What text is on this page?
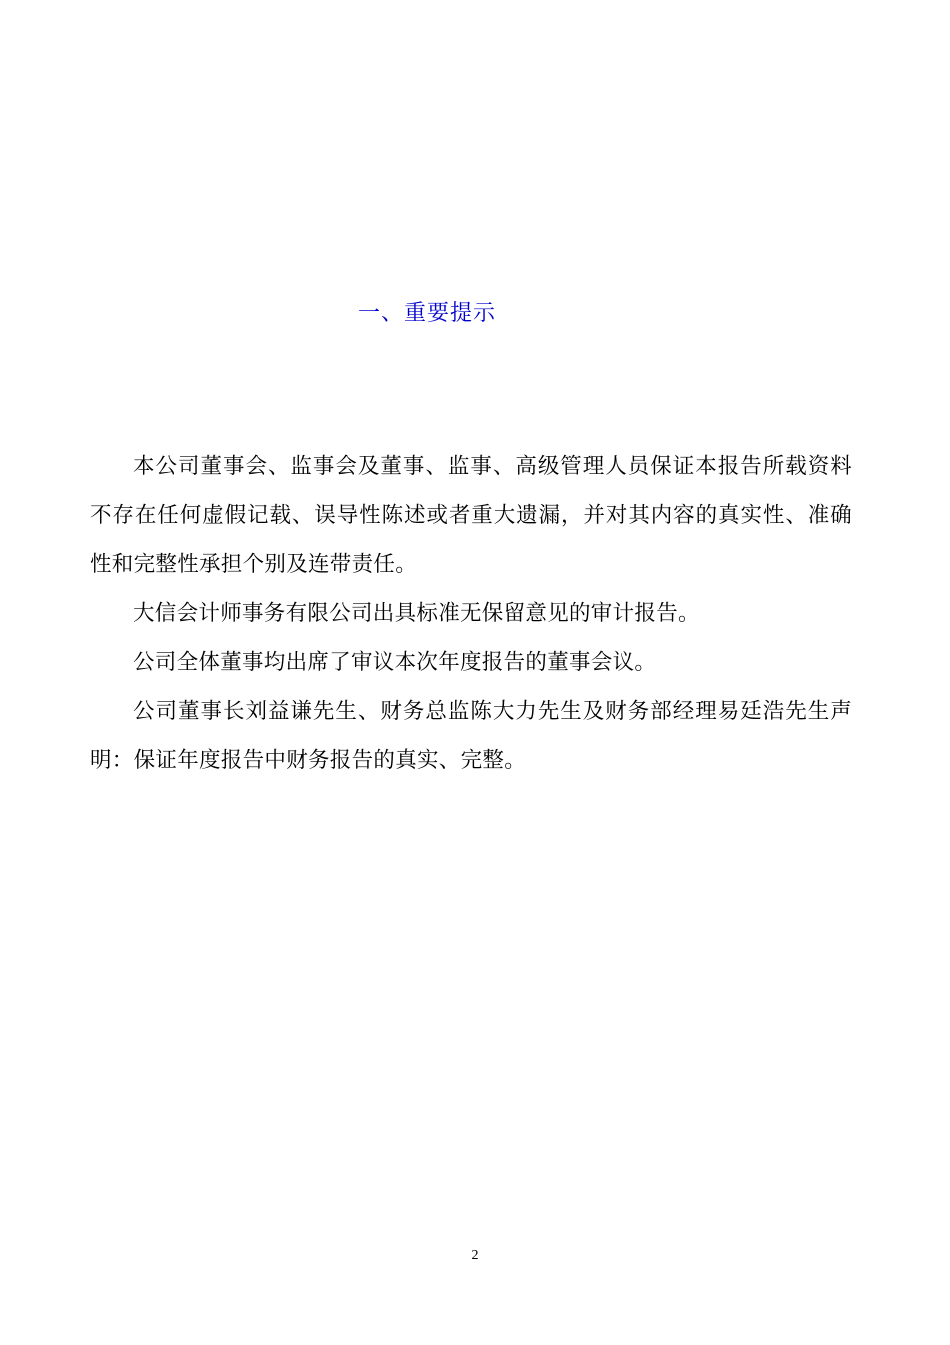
一、重要提示

本公司董事会、监事会及董事、监事、高级管理人员保证本报告所载资料不存在任何虚假记载、误导性陈述或者重大遗漏，并对其内容的真实性、准确性和完整性承担个别及连带责任。

大信会计师事务有限公司出具标准无保留意见的审计报告。

公司全体董事均出席了审议本次年度报告的董事会议。

公司董事长刘益谦先生、财务总监陈大力先生及财务部经理易廷浩先生声明：保证年度报告中财务报告的真实、完整。

2
